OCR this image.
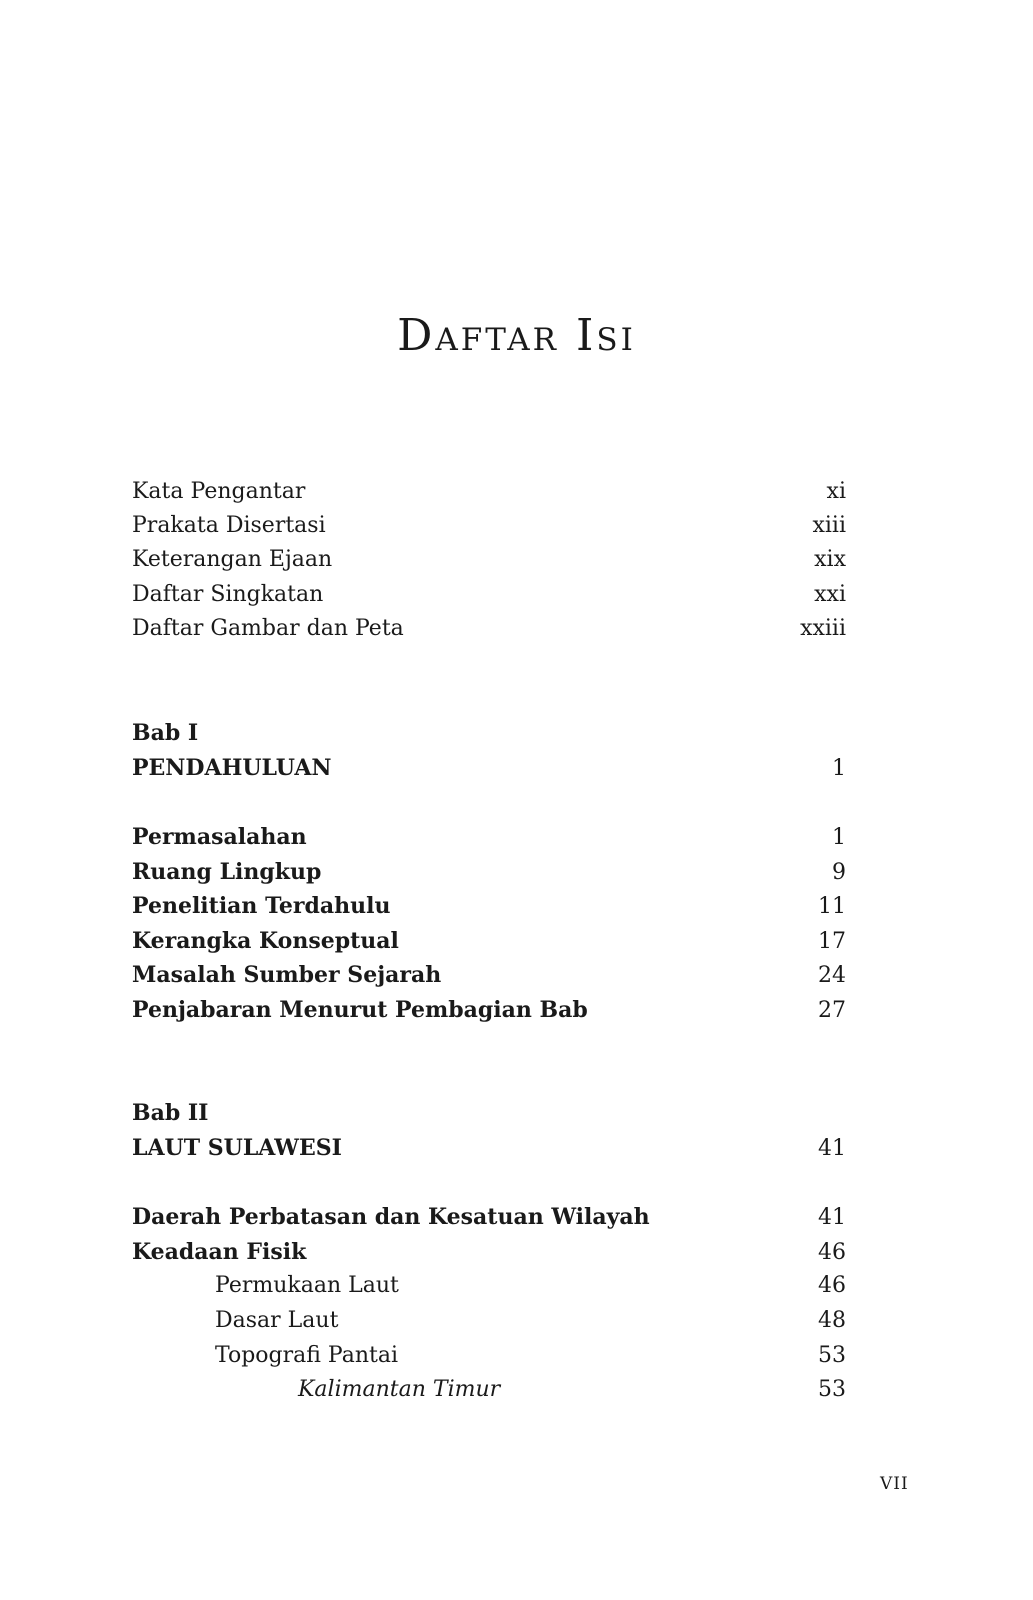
Daftar Isi
Kata Pengantar	xi
Prakata Disertasi	xiii
Keterangan Ejaan	xix
Daftar Singkatan	xxi
Daftar Gambar dan Peta	xxiii
Bab I
PENDAHULUAN	1
Permasalahan	1
Ruang Lingkup	9
Penelitian Terdahulu	11
Kerangka Konseptual	17
Masalah Sumber Sejarah	24
Penjabaran Menurut Pembagian Bab	27
Bab II
LAUT SULAWESI	41
Daerah Perbatasan dan Kesatuan Wilayah	41
Keadaan Fisik	46
Permukaan Laut	46
Dasar Laut	48
Topografi Pantai	53
Kalimantan Timur	53
VII
